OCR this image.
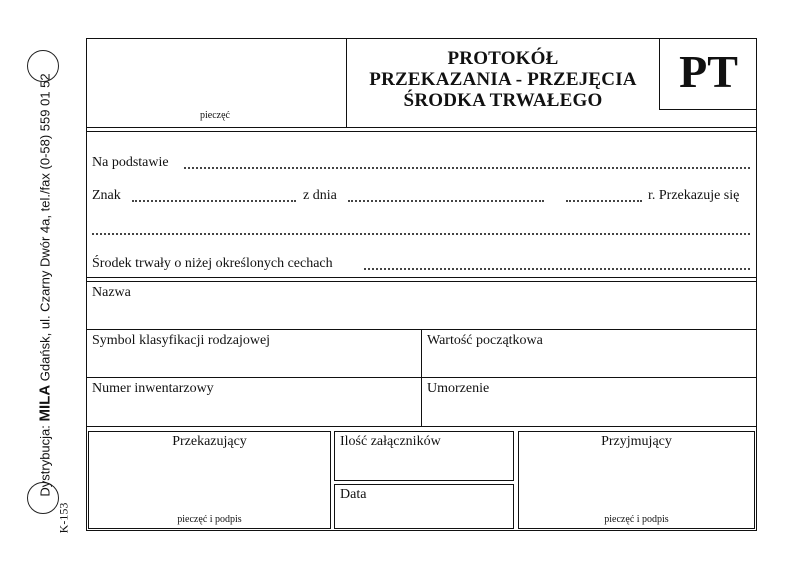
Dystrybucja: MILA Gdańsk, ul. Czarny Dwór 4a, tel./fax (0-58) 559 01 52
K-153
pieczęć
PROTOKÓŁ
PRZEKAZANIA - PRZEJĘCIA
ŚRODKA TRWAŁEGO
PT
Na podstawie
Znak	z dnia	r. Przekazuje się
Środek trwały o niżej określonych cechach
Nazwa
Symbol klasyfikacji rodzajowej	Wartość początkowa
Numer inwentarzowy	Umorzenie
Przekazujący
pieczęć i podpis
Ilość załączników
Data
Przyjmujący
pieczęć i podpis
